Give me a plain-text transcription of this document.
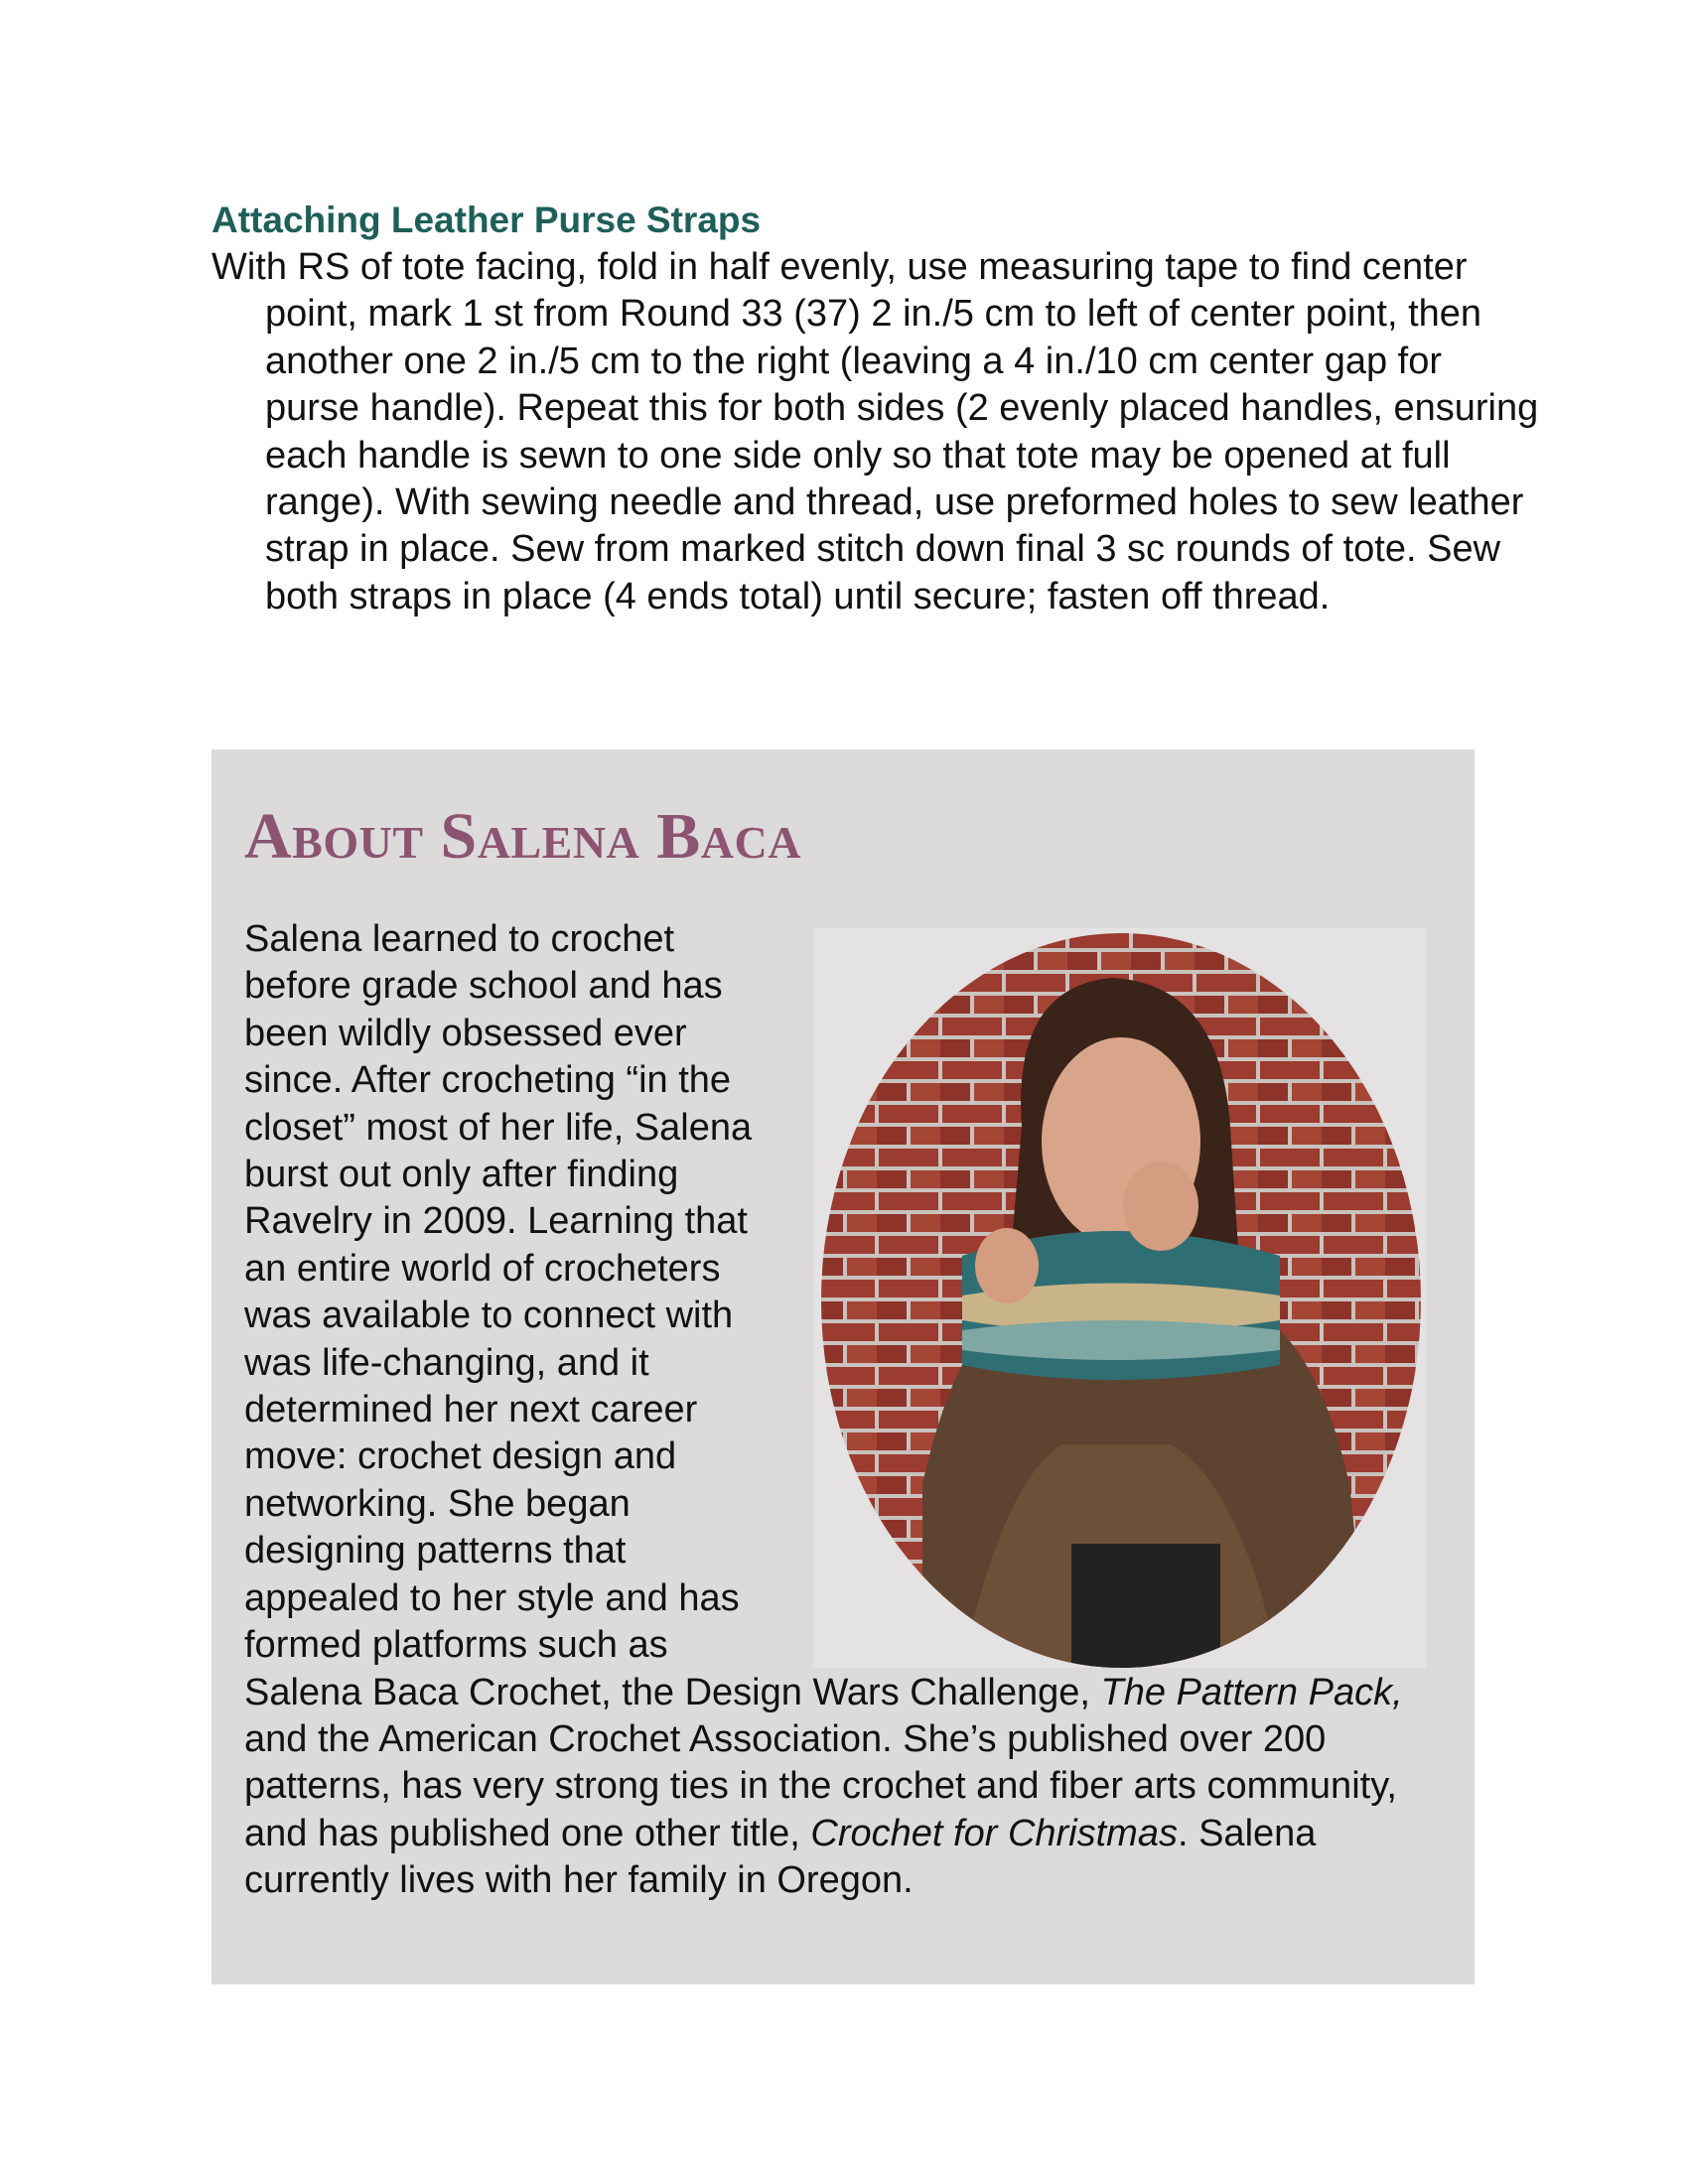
Attaching Leather Purse Straps

With RS of tote facing, fold in half evenly, use measuring tape to find center point, mark 1 st from Round 33 (37) 2 in./5 cm to left of center point, then another one 2 in./5 cm to the right (leaving a 4 in./10 cm center gap for purse handle). Repeat this for both sides (2 evenly placed handles, ensuring each handle is sewn to one side only so that tote may be opened at full range). With sewing needle and thread, use preformed holes to sew leather strap in place. Sew from marked stitch down final 3 sc rounds of tote. Sew both straps in place (4 ends total) until secure; fasten off thread.

About Salena Baca
Salena learned to crochet before grade school and has been wildly obsessed ever since. After crocheting “in the closet” most of her life, Salena burst out only after finding Ravelry in 2009. Learning that an entire world of crocheters was available to connect with was life-changing, and it determined her next career move: crochet design and networking. She began designing patterns that appealed to her style and has formed platforms such as Salena Baca Crochet, the Design Wars Challenge, The Pattern Pack, and the American Crochet Association. She’s published over 200 patterns, has very strong ties in the crochet and fiber arts community, and has published one other title, Crochet for Christmas. Salena currently lives with her family in Oregon.
